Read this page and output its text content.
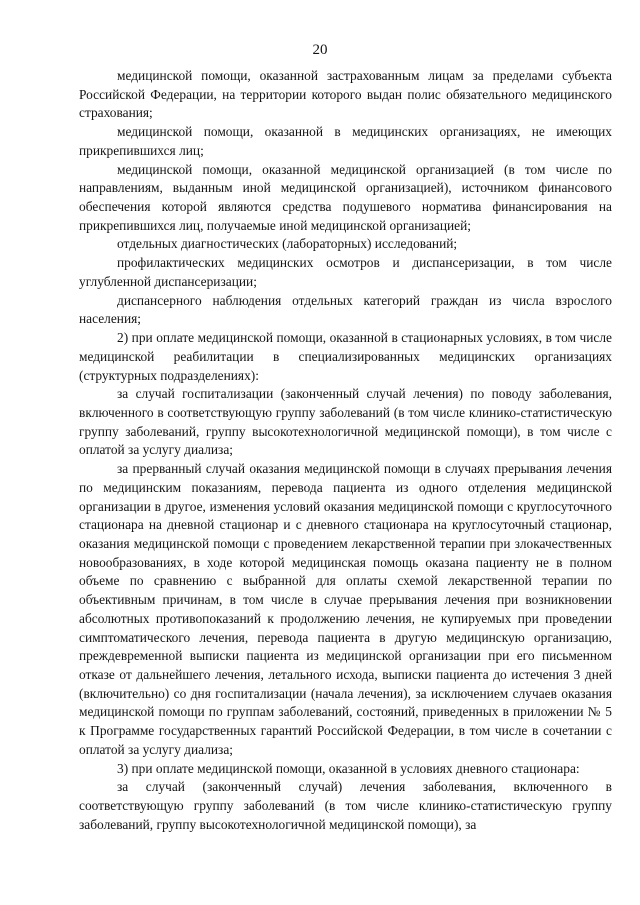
20

медицинской помощи, оказанной застрахованным лицам за пределами субъекта Российской Федерации, на территории которого выдан полис обязательного медицинского страхования;

медицинской помощи, оказанной в медицинских организациях, не имеющих прикрепившихся лиц;

медицинской помощи, оказанной медицинской организацией (в том числе по направлениям, выданным иной медицинской организацией), источником финансового обеспечения которой являются средства подушевого норматива финансирования на прикрепившихся лиц, получаемые иной медицинской организацией;

отдельных диагностических (лабораторных) исследований;

профилактических медицинских осмотров и диспансеризации, в том числе углубленной диспансеризации;

диспансерного наблюдения отдельных категорий граждан из числа взрослого населения;

2) при оплате медицинской помощи, оказанной в стационарных условиях, в том числе медицинской реабилитации в специализированных медицинских организациях (структурных подразделениях):

за случай госпитализации (законченный случай лечения) по поводу заболевания, включенного в соответствующую группу заболеваний (в том числе клинико-статистическую группу заболеваний, группу высокотехнологичной медицинской помощи), в том числе с оплатой за услугу диализа;

за прерванный случай оказания медицинской помощи в случаях прерывания лечения по медицинским показаниям, перевода пациента из одного отделения медицинской организации в другое, изменения условий оказания медицинской помощи с круглосуточного стационара на дневной стационар и с дневного стационара на круглосуточный стационар, оказания медицинской помощи с проведением лекарственной терапии при злокачественных новообразованиях, в ходе которой медицинская помощь оказана пациенту не в полном объеме по сравнению с выбранной для оплаты схемой лекарственной терапии по объективным причинам, в том числе в случае прерывания лечения при возникновении абсолютных противопоказаний к продолжению лечения, не купируемых при проведении симптоматического лечения, перевода пациента в другую медицинскую организацию, преждевременной выписки пациента из медицинской организации при его письменном отказе от дальнейшего лечения, летального исхода, выписки пациента до истечения 3 дней (включительно) со дня госпитализации (начала лечения), за исключением случаев оказания медицинской помощи по группам заболеваний, состояний, приведенных в приложении № 5 к Программе государственных гарантий Российской Федерации, в том числе в сочетании с оплатой за услугу диализа;

3) при оплате медицинской помощи, оказанной в условиях дневного стационара:

за случай (законченный случай) лечения заболевания, включенного в соответствующую группу заболеваний (в том числе клинико-статистическую группу заболеваний, группу высокотехнологичной медицинской помощи), за
